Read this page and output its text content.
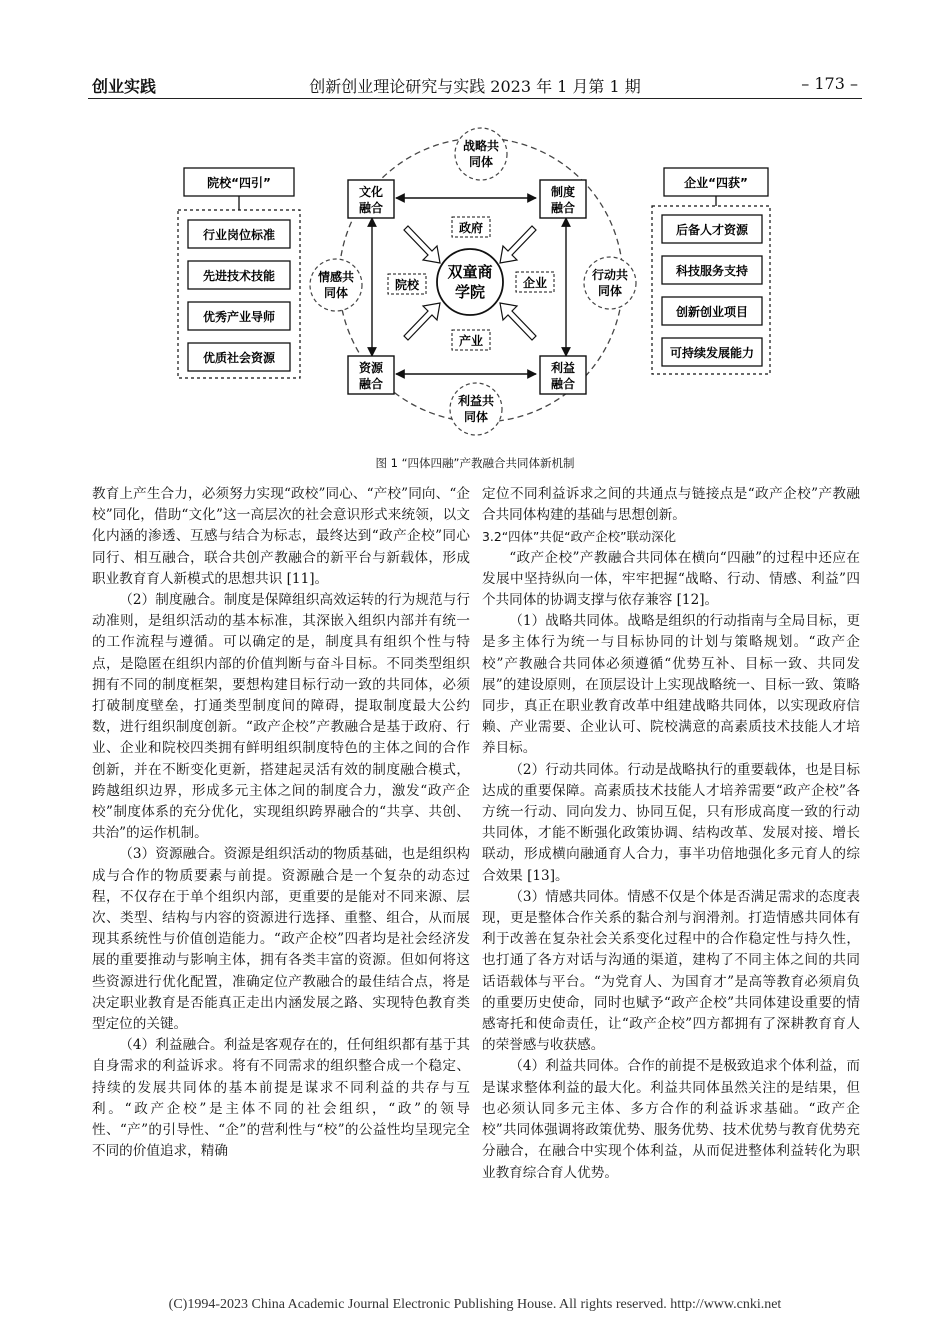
创业实践	创新创业理论研究与实践 2023 年 1 月第 1 期	– 173 –
院校“四引”
行业岗位标准
先进技术技能
优秀产业导师
优质社会资源
企业“四获”
后备人才资源
科技服务支持
创新创业项目
可持续发展能力
战略共
同体
情感共
同体
行动共
同体
利益共
同体
文化
融合
制度
融合
资源
融合
利益
融合
双童商
学院
政府
院校	企业
产业
图 1 “四体四融”产教融合共同体新机制

教育上产生合力，必须努力实现“政校”同心、“产校”同向、“企校”同化，借助“文化”这一高层次的社会意识形式来统领，以文化内涵的渗透、互感与结合为标志，最终达到“政产企校”同心同行、相互融合，联合共创产教融合的新平台与新载体，形成职业教育育人新模式的思想共识 [11]。

（2）制度融合。制度是保障组织高效运转的行为规范与行动准则，是组织活动的基本标准，其深嵌入组织内部并有统一的工作流程与遵循。可以确定的是，制度具有组织个性与特点，是隐匿在组织内部的价值判断与奋斗目标。不同类型组织拥有不同的制度框架，要想构建目标行动一致的共同体，必须打破制度壁垒，打通类型制度间的障碍，提取制度最大公约数，进行组织制度创新。“政产企校”产教融合是基于政府、行业、企业和院校四类拥有鲜明组织制度特色的主体之间的合作创新，并在不断变化更新，搭建起灵活有效的制度融合模式，跨越组织边界，形成多元主体之间的制度合力，激发“政产企校”制度体系的充分优化，实现组织跨界融合的“共享、共创、共治”的运作机制。

（3）资源融合。资源是组织活动的物质基础，也是组织构成与合作的物质要素与前提。资源融合是一个复杂的动态过程，不仅存在于单个组织内部，更重要的是能对不同来源、层次、类型、结构与内容的资源进行选择、重整、组合，从而展现其系统性与价值创造能力。“政产企校”四者均是社会经济发展的重要推动与影响主体，拥有各类丰富的资源。但如何将这些资源进行优化配置，准确定位产教融合的最佳结合点，将是决定职业教育是否能真正走出内涵发展之路、实现特色教育类型定位的关键。

（4）利益融合。利益是客观存在的，任何组织都有基于其自身需求的利益诉求。将有不同需求的组织整合成一个稳定、持续的发展共同体的基本前提是谋求不同利益的共存与互利。“政产企校”是主体不同的社会组织，“政”的领导性、“产”的引导性、“企”的营利性与“校”的公益性均呈现完全不同的价值追求，精确

定位不同利益诉求之间的共通点与链接点是“政产企校”产教融合共同体构建的基础与思想创新。

3.2“四体”共促“政产企校”联动深化

“政产企校”产教融合共同体在横向“四融”的过程中还应在发展中坚持纵向一体，牢牢把握“战略、行动、情感、利益”四个共同体的协调支撑与依存兼容 [12]。

（1）战略共同体。战略是组织的行动指南与全局目标，更是多主体行为统一与目标协同的计划与策略规划。“政产企校”产教融合共同体必须遵循“优势互补、目标一致、共同发展”的建设原则，在顶层设计上实现战略统一、目标一致、策略同步，真正在职业教育改革中组建战略共同体，以实现政府信赖、产业需要、企业认可、院校满意的高素质技术技能人才培养目标。

（2）行动共同体。行动是战略执行的重要载体，也是目标达成的重要保障。高素质技术技能人才培养需要“政产企校”各方统一行动、同向发力、协同互促，只有形成高度一致的行动共同体，才能不断强化政策协调、结构改革、发展对接、增长联动，形成横向融通育人合力，事半功倍地强化多元育人的综合效果 [13]。

（3）情感共同体。情感不仅是个体是否满足需求的态度表现，更是整体合作关系的黏合剂与润滑剂。打造情感共同体有利于改善在复杂社会关系变化过程中的合作稳定性与持久性，也打通了各方对话与沟通的渠道，建构了不同主体之间的共同话语载体与平台。“为党育人、为国育才”是高等教育必须肩负的重要历史使命，同时也赋予“政产企校”共同体建设重要的情感寄托和使命责任，让“政产企校”四方都拥有了深耕教育育人的荣誉感与收获感。

（4）利益共同体。合作的前提不是极致追求个体利益，而是谋求整体利益的最大化。利益共同体虽然关注的是结果，但也必须认同多元主体、多方合作的利益诉求基础。“政产企校”共同体强调将政策优势、服务优势、技术优势与教育优势充分融合，在融合中实现个体利益，从而促进整体利益转化为职业教育综合育人优势。

(C)1994-2023 China Academic Journal Electronic Publishing House. All rights reserved. http://www.cnki.net
